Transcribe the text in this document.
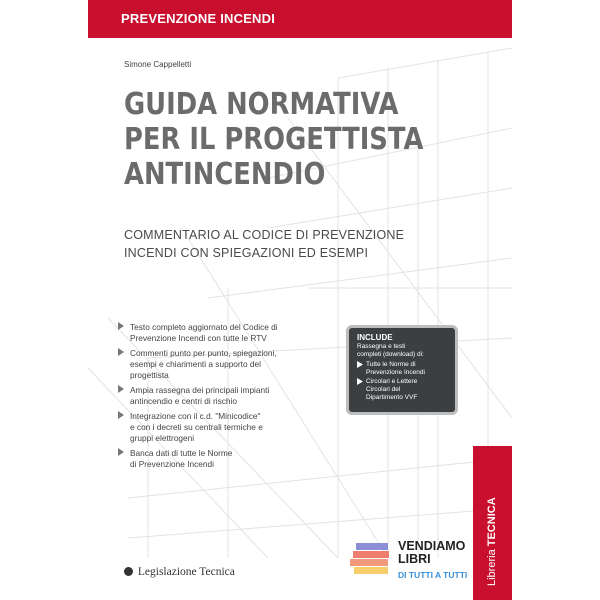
PREVENZIONE INCENDI
Simone Cappelletti
GUIDA NORMATIVA
PER IL PROGETTISTA
ANTINCENDIO
COMMENTARIO AL CODICE DI PREVENZIONE
INCENDI CON SPIEGAZIONI ED ESEMPI
Testo completo aggiornato del Codice di
Prevenzione Incendi con tutte le RTV
Commenti punto per punto, spiegazioni,
esempi e chiarimenti a supporto del
progettista
Ampia rassegna dei principali impianti
antincendio e centri di rischio
Integrazione con il c.d. "Minicodice"
e con i decreti su centrali termiche e
gruppi elettrogeni
Banca dati di tutte le Norme
di Prevenzione Incendi
INCLUDE
Rassegna e testi
completi (download) di:
Tutte le Norme di
Prevenzione Incendi
Circolari e Lettere
Circolari del
Dipartimento VVF
Legislazione Tecnica
VENDIAMO
LIBRI
DI TUTTI A TUTTI Libreria TECNICA
